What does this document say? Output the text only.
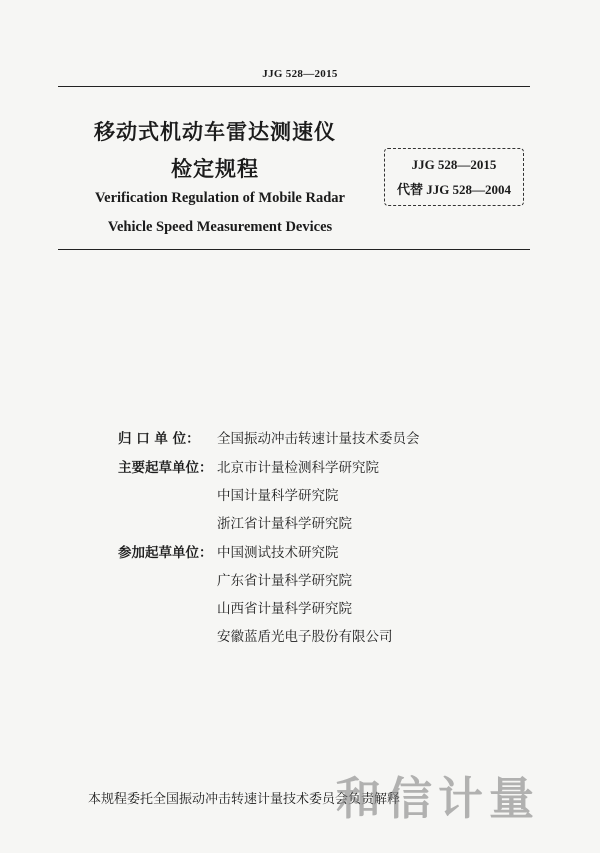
JJG 528—2015
移动式机动车雷达测速仪
检定规程
Verification Regulation of Mobile Radar
Vehicle Speed Measurement Devices
JJG 528—2015
代替 JJG 528—2004
归 口 单 位： 全国振动冲击转速计量技术委员会
主要起草单位： 北京市计量检测科学研究院
中国计量科学研究院
浙江省计量科学研究院
参加起草单位： 中国测试技术研究院
广东省计量科学研究院
山西省计量科学研究院
安徽蓝盾光电子股份有限公司
本规程委托全国振动冲击转速计量技术委员会负责解释
和信计量
